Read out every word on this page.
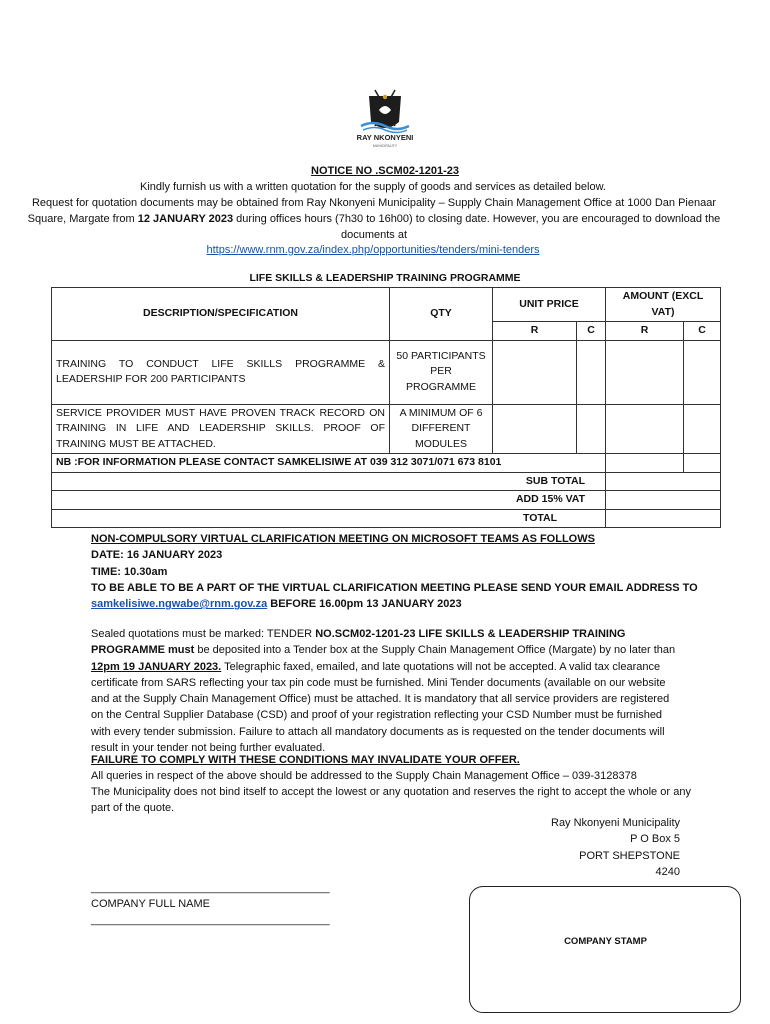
RAY NKONYENI
MUNICIPALITY
NOTICE NO .SCM02-1201-23
Kindly furnish us with a written quotation for the supply of goods and services as detailed below.
Request for quotation documents may be obtained from Ray Nkonyeni Municipality – Supply Chain Management Office at 1000 Dan Pienaar Square, Margate from 12 JANUARY 2023 during offices hours (7h30 to 16h00) to closing date. However, you are encouraged to download the documents at
https://www.rnm.gov.za/index.php/opportunities/tenders/mini-tenders
LIFE SKILLS & LEADERSHIP TRAINING PROGRAMME
DESCRIPTION/SPECIFICATION	QTY	UNIT PRICE		AMOUNT (EXCL VAT)	
		R	C	R	C
TRAINING TO CONDUCT LIFE SKILLS PROGRAMME & LEADERSHIP FOR 200 PARTICIPANTS	50 PARTICIPANTS PER PROGRAMME				
SERVICE PROVIDER MUST HAVE PROVEN TRACK RECORD ON TRAINING IN LIFE AND LEADERSHIP SKILLS. PROOF OF TRAINING MUST BE ATTACHED.	A MINIMUM OF 6 DIFFERENT MODULES				
NB :FOR INFORMATION PLEASE CONTACT SAMKELISIWE AT 039 312 3071/071 673 8101					
SUB TOTAL					
ADD 15% VAT					
TOTAL					
NON-COMPULSORY VIRTUAL CLARIFICATION MEETING ON MICROSOFT TEAMS AS FOLLOWS
DATE: 16 JANUARY 2023
TIME: 10.30am
TO BE ABLE TO BE A PART OF THE VIRTUAL CLARIFICATION MEETING PLEASE SEND YOUR EMAIL ADDRESS TO
samkelisiwe.ngwabe@rnm.gov.za BEFORE 16.00pm 13 JANUARY 2023
Sealed quotations must be marked: TENDER NO.SCM02-1201-23 LIFE SKILLS & LEADERSHIP TRAINING PROGRAMME must be deposited into a Tender box at the Supply Chain Management Office (Margate) by no later than 12pm 19 JANUARY 2023. Telegraphic faxed, emailed, and late quotations will not be accepted. A valid tax clearance certificate from SARS reflecting your tax pin code must be furnished. Mini Tender documents (available on our website and at the Supply Chain Management Office) must be attached. It is mandatory that all service providers are registered on the Central Supplier Database (CSD) and proof of your registration reflecting your CSD Number must be furnished with every tender submission. Failure to attach all mandatory documents as is requested on the tender documents will result in your tender not being further evaluated.
FAILURE TO COMPLY WITH THESE CONDITIONS MAY INVALIDATE YOUR OFFER.
All queries in respect of the above should be addressed to the Supply Chain Management Office – 039-3128378
The Municipality does not bind itself to accept the lowest or any quotation and reserves the right to accept the whole or any part of the quote.
Ray Nkonyeni Municipality
P O Box 5
PORT SHEPSTONE
4240
_______________________________________
COMPANY FULL NAME
_______________________________________
COMPANY STAMP
